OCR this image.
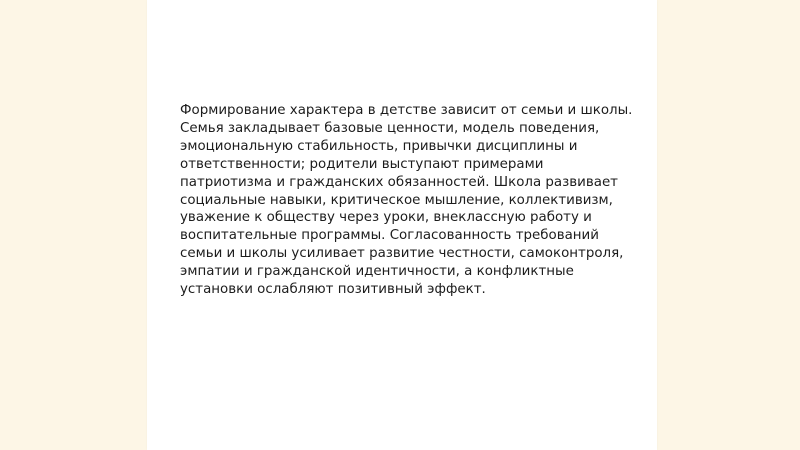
Формирование характера в детстве зависит от семьи и школы.
Семья закладывает базовые ценности, модель поведения,
эмоциональную стабильность, привычки дисциплины и
ответственности; родители выступают примерами
патриотизма и гражданских обязанностей. Школа развивает
социальные навыки, критическое мышление, коллективизм,
уважение к обществу через уроки, внеклассную работу и
воспитательные программы. Согласованность требований
семьи и школы усиливает развитие честности, самоконтроля,
эмпатии и гражданской идентичности, а конфликтные
установки ослабляют позитивный эффект.
